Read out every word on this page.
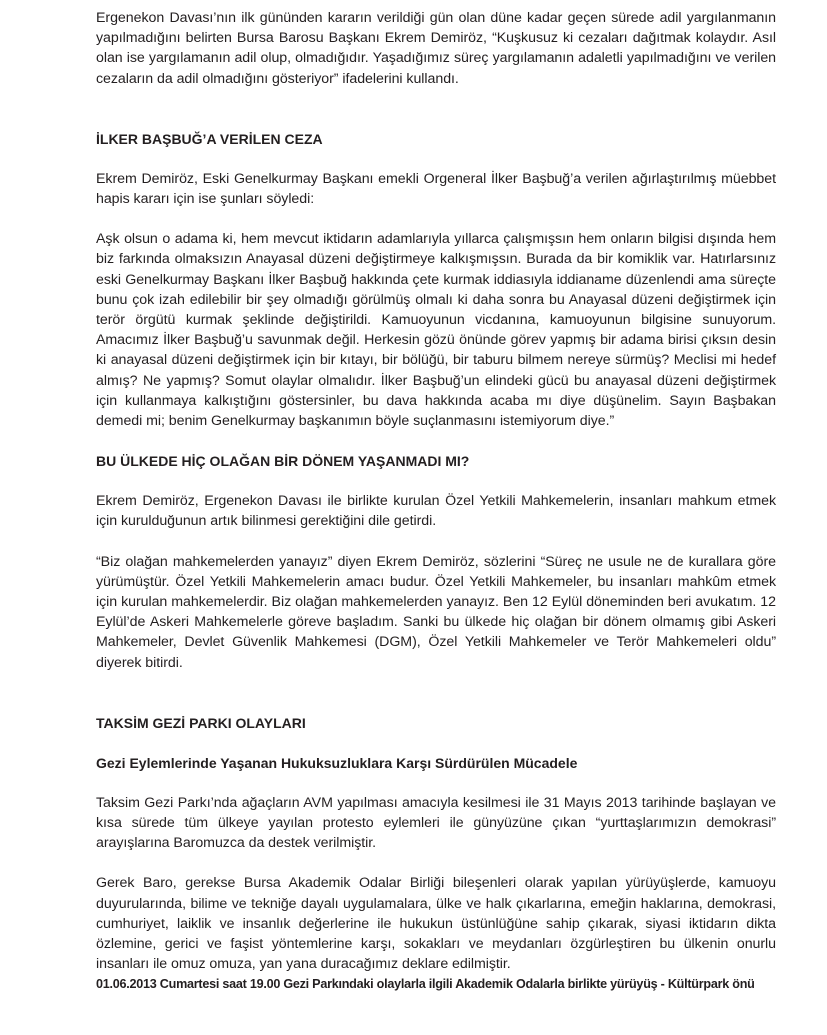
Ergenekon Davası’nın ilk gününden kararın verildiği gün olan düne kadar geçen sürede adil yargılanmanın yapılmadığını belirten Bursa Barosu Başkanı Ekrem Demiröz, “Kuşkusuz ki cezaları dağıtmak kolaydır. Asıl olan ise yargılamanın adil olup, olmadığıdır. Yaşadığımız süreç yargılamanın adaletli yapılmadığını ve verilen cezaların da adil olmadığını gösteriyor” ifadelerini kullandı.

İLKER BAŞBUĞ’A VERİLEN CEZA

Ekrem Demiröz, Eski Genelkurmay Başkanı emekli Orgeneral İlker Başbuğ’a verilen ağırlaştırılmış müebbet hapis kararı için ise şunları söyledi:

Aşk olsun o adama ki, hem mevcut iktidarın adamlarıyla yıllarca çalışmışsın hem onların bilgisi dışında hem biz farkında olmaksızın Anayasal düzeni değiştirmeye kalkışmışsın. Burada da bir komiklik var. Hatırlarsınız eski Genelkurmay Başkanı İlker Başbuğ hakkında çete kurmak iddiasıyla iddianame düzenlendi ama süreçte bunu çok izah edilebilir bir şey olmadığı görülmüş olmalı ki daha sonra bu Anayasal düzeni değiştirmek için terör örgütü kurmak şeklinde değiştirildi. Kamuoyunun vicdanına, kamuoyunun bilgisine sunuyorum. Amacımız İlker Başbuğ’u savunmak değil. Herkesin gözü önünde görev yapmış bir adama birisi çıksın desin ki anayasal düzeni değiştirmek için bir kıtayı, bir bölüğü, bir taburu bilmem nereye sürmüş? Meclisi mi hedef almış? Ne yapmış? Somut olaylar olmalıdır. İlker Başbuğ’un elindeki gücü bu anayasal düzeni değiştirmek için kullanmaya kalkıştığını göstersinler, bu dava hakkında acaba mı diye düşünelim. Sayın Başbakan demedi mi; benim Genelkurmay başkanımın böyle suçlanmasını istemiyorum diye.”

BU ÜLKEDE HİÇ OLAĞAN BİR DÖNEM YAŞANMADI MI?

Ekrem Demiröz, Ergenekon Davası ile birlikte kurulan Özel Yetkili Mahkemelerin, insanları mahkum etmek için kurulduğunun artık bilinmesi gerektiğini dile getirdi.

“Biz olağan mahkemelerden yanayız” diyen Ekrem Demiröz, sözlerini “Süreç ne usule ne de kurallara göre yürümüştür. Özel Yetkili Mahkemelerin amacı budur. Özel Yetkili Mahkemeler, bu insanları mahkûm etmek için kurulan mahkemelerdir. Biz olağan mahkemelerden yanayız. Ben 12 Eylül döneminden beri avukatım. 12 Eylül’de Askeri Mahkemelerle göreve başladım. Sanki bu ülkede hiç olağan bir dönem olmamış gibi Askeri Mahkemeler, Devlet Güvenlik Mahkemesi (DGM), Özel Yetkili Mahkemeler ve Terör Mahkemeleri oldu” diyerek bitirdi.

TAKSİM GEZİ PARKI OLAYLARI
Gezi Eylemlerinde Yaşanan Hukuksuzluklara Karşı Sürdürülen Mücadele

Taksim Gezi Parkı’nda ağaçların AVM yapılması amacıyla kesilmesi ile 31 Mayıs 2013 tarihinde başlayan ve kısa sürede tüm ülkeye yayılan protesto eylemleri ile günyüzüne çıkan “yurttaşlarımızın demokrasi” arayışlarına Baromuzca da destek verilmiştir.

Gerek Baro, gerekse Bursa Akademik Odalar Birliği bileşenleri olarak yapılan yürüyüşlerde, kamuoyu duyurularında, bilime ve tekniğe dayalı uygulamalara, ülke ve halk çıkarlarına, emeğin haklarına, demokrasi, cumhuriyet, laiklik ve insanlık değerlerine ile hukukun üstünlüğüne sahip çıkarak, siyasi iktidarın dikta özlemine, gerici ve faşist yöntemlerine karşı, sokakları ve meydanları özgürleştiren bu ülkenin onurlu insanları ile omuz omuza, yan yana duracağımız deklare edilmiştir.

01.06.2013 Cumartesi saat 19.00 Gezi Parkındaki olaylarla ilgili Akademik Odalarla birlikte yürüyüş - Kültürpark önü
